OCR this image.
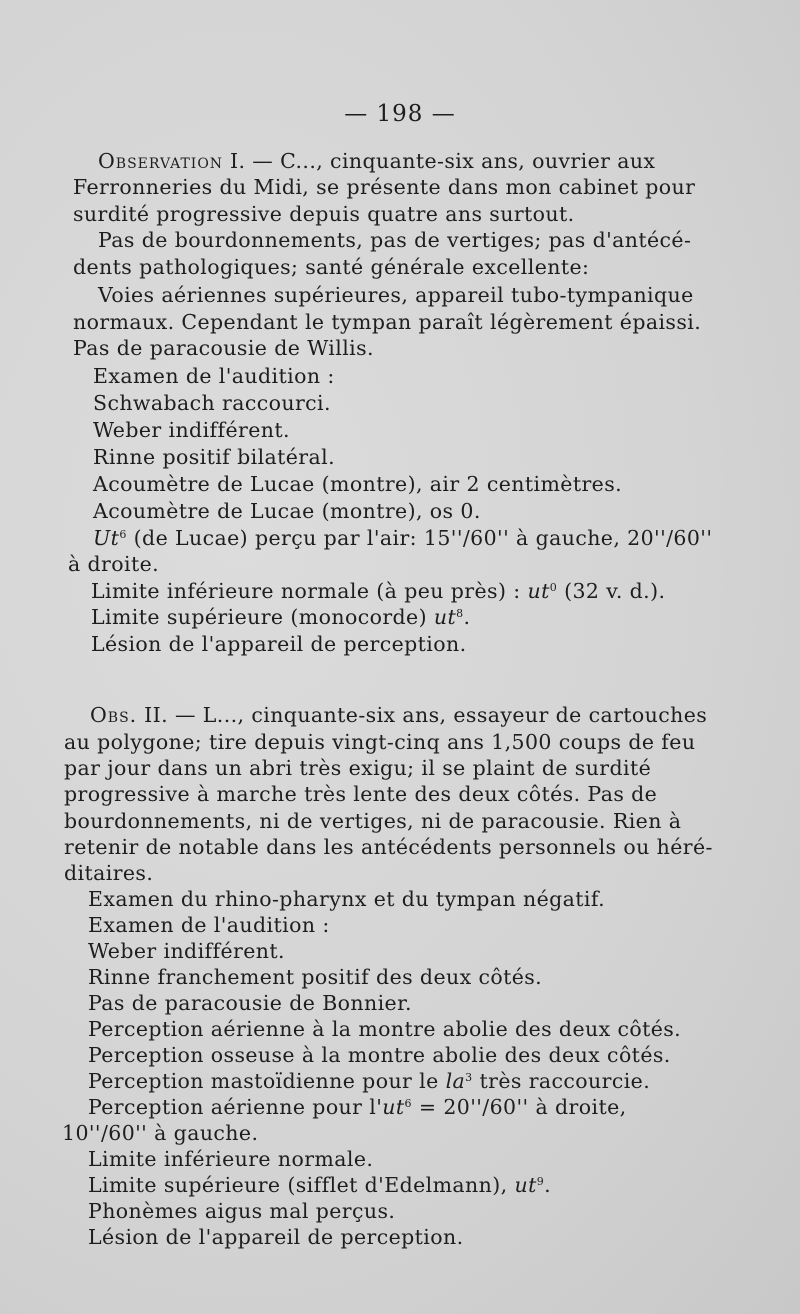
— 198 —
Observation I. — C..., cinquante-six ans, ouvrier aux
Ferronneries du Midi, se présente dans mon cabinet pour
surdité progressive depuis quatre ans surtout.
Pas de bourdonnements, pas de vertiges; pas d'antécé-
dents pathologiques; santé générale excellente:
Voies aériennes supérieures, appareil tubo-tympanique
normaux. Cependant le tympan paraît légèrement épaissi.
Pas de paracousie de Willis.
Examen de l'audition :
Schwabach raccourci.
Weber indifférent.
Rinne positif bilatéral.
Acoumètre de Lucae (montre), air 2 centimètres.
Acoumètre de Lucae (montre), os 0.
Ut$^6$ (de Lucae) perçu par l'air: 15''/60'' à gauche, 20''/60''
à droite.
Limite inférieure normale (à peu près) : $ut^0$ (32 v. d.).
Limite supérieure (monocorde) $ut^8$.
Lésion de l'appareil de perception.
Obs. II. — L..., cinquante-six ans, essayeur de cartouches
au polygone; tire depuis vingt-cinq ans 1,500 coups de feu
par jour dans un abri très exigu; il se plaint de surdité
progressive à marche très lente des deux côtés. Pas de
bourdonnements, ni de vertiges, ni de paracousie. Rien à
retenir de notable dans les antécédents personnels ou héré-
ditaires.
Examen du rhino-pharynx et du tympan négatif.
Examen de l'audition :
Weber indifférent.
Rinne franchement positif des deux côtés.
Pas de paracousie de Bonnier.
Perception aérienne à la montre abolie des deux côtés.
Perception osseuse à la montre abolie des deux côtés.
Perception mastoïdienne pour le $la^3$ très raccourcie.
Perception aérienne pour $l'ut^6 = 20''/60''$ à droite,
10''/60'' à gauche.
Limite inférieure normale.
Limite supérieure (sifflet d'Edelmann), $ut^9$.
Phonèmes aigus mal perçus.
Lésion de l'appareil de perception.
